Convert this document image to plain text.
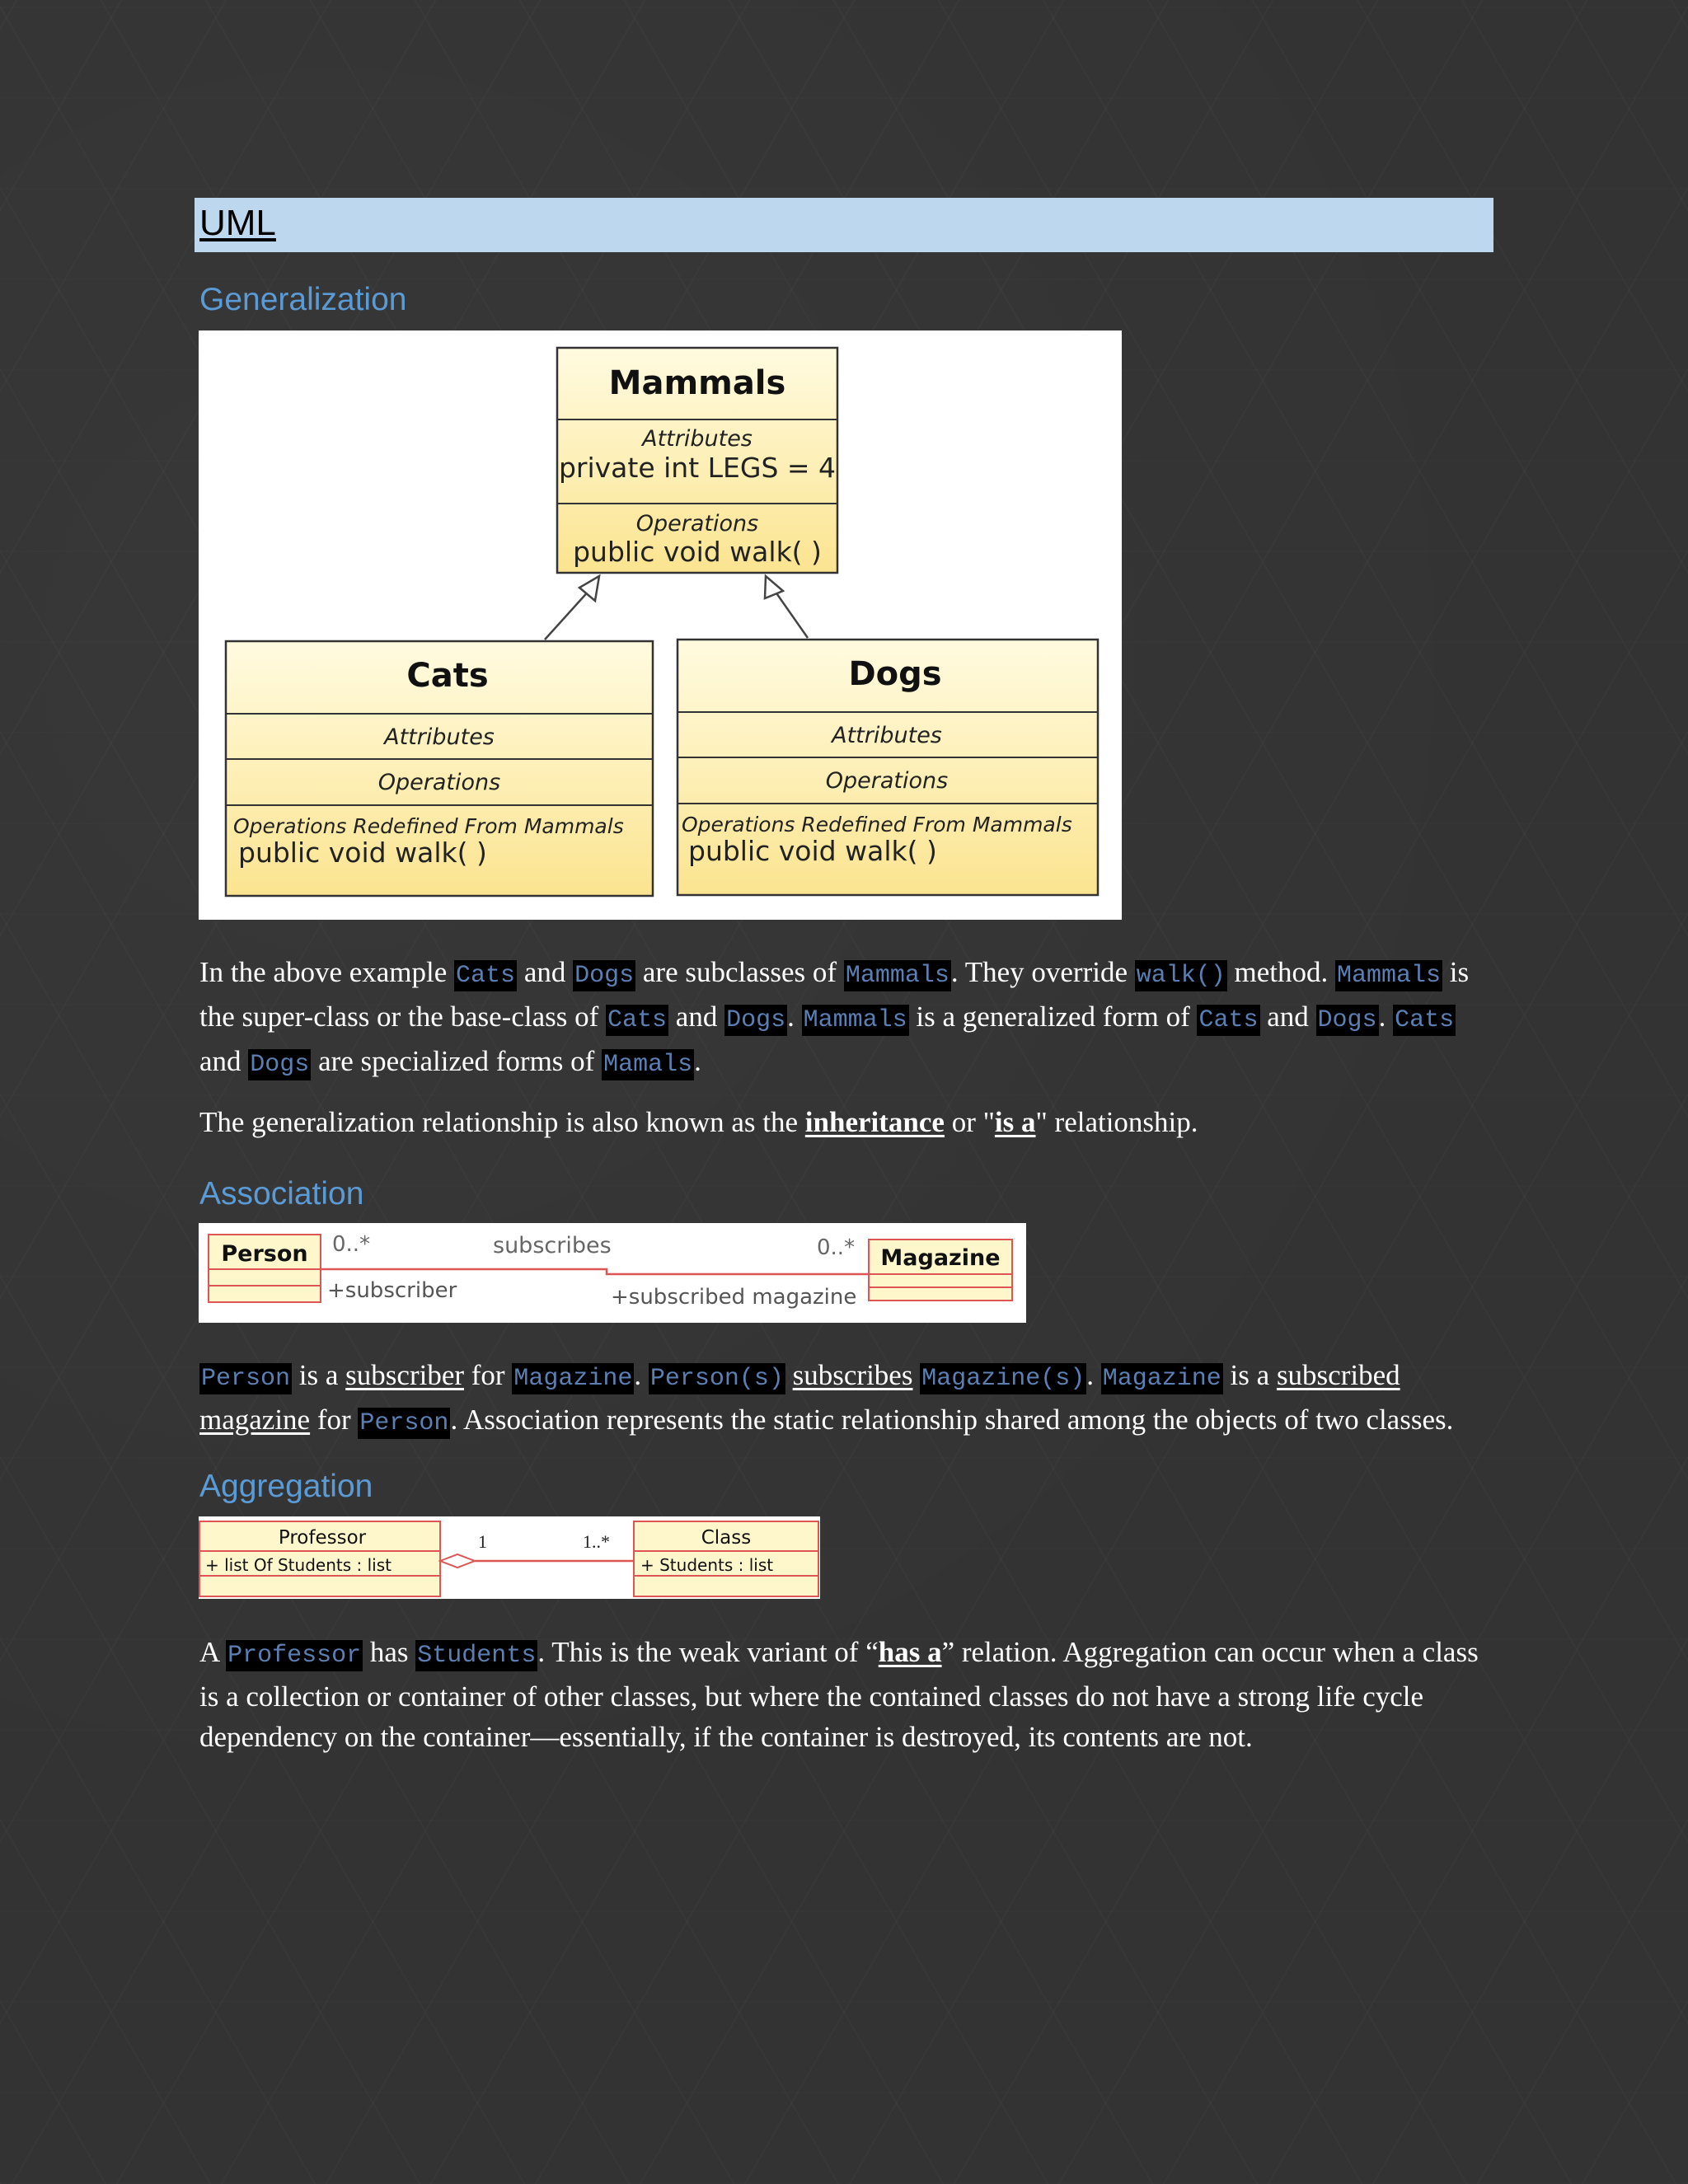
UML
Generalization
Mammals
Attributes
private int LEGS = 4
Operations
public void walk( )
Cats
Attributes
Operations
Operations Redefined From Mammals
public void walk( )
Dogs
Attributes
Operations
Operations Redefined From Mammals
public void walk( )

In the above example Cats and Dogs are subclasses of Mammals. They override walk() method. Mammals is the super-class or the base-class of Cats and Dogs. Mammals is a generalized form of Cats and Dogs. Cats and Dogs are specialized forms of Mamals.

The generalization relationship is also known as the inheritance or "is a" relationship.

Association
Person 0..*
+subscriber
subscribes	0..*
+subscribed magazine
Magazine

Person is a subscriber for Magazine. Person(s) subscribes Magazine(s). Magazine is a subscribed magazine for Person. Association represents the static relationship shared among the objects of two classes.

Aggregation
Professor
+ list Of Students : list
1	1..*	Class
+ Students : list

A Professor has Students. This is the weak variant of “has a” relation. Aggregation can occur when a class is a collection or container of other classes, but where the contained classes do not have a strong life cycle dependency on the container—essentially, if the container is destroyed, its contents are not.
